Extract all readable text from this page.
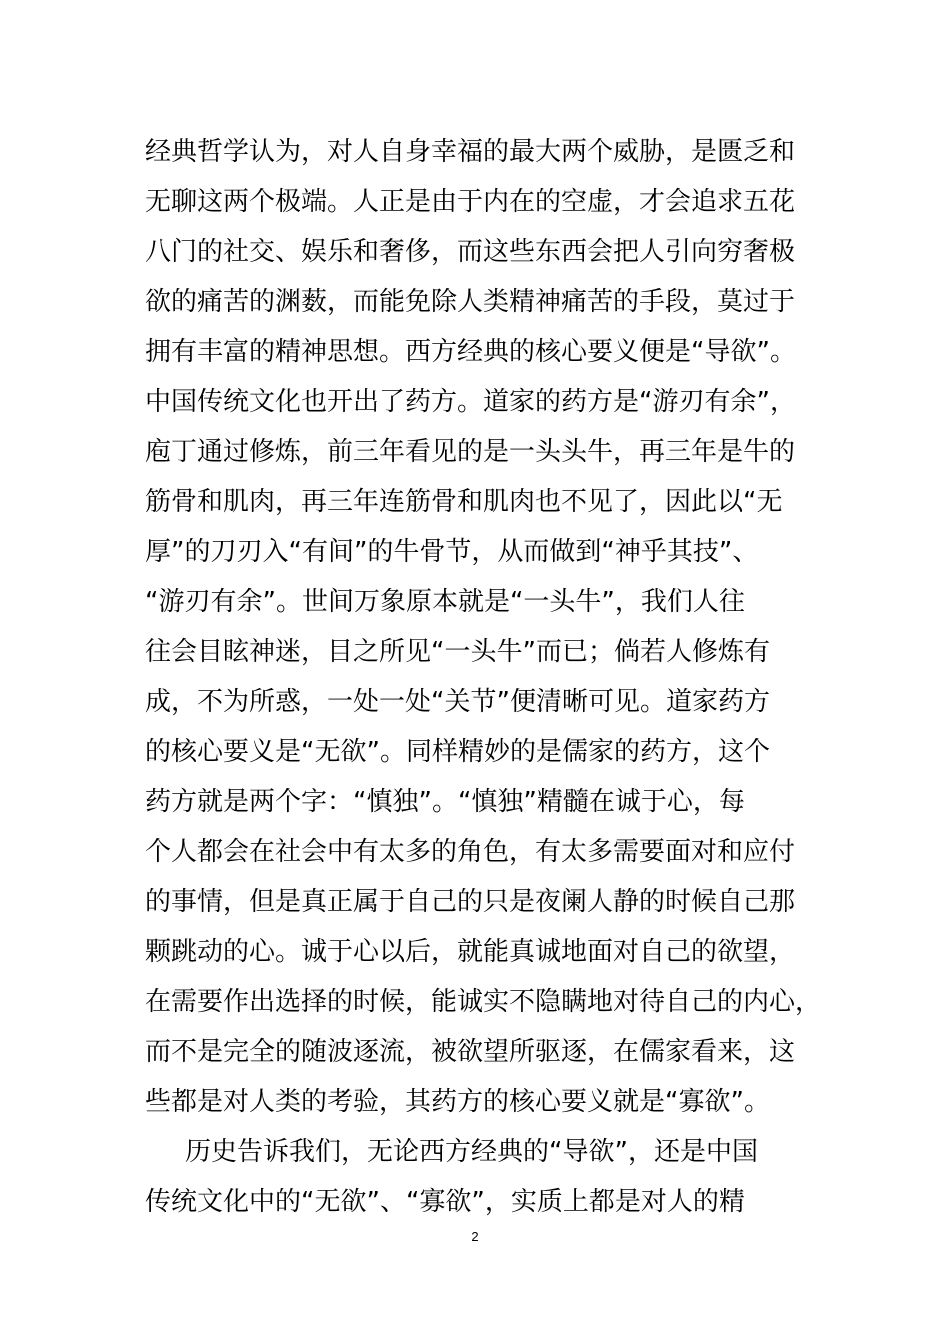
经典哲学认为，对人自身幸福的最大两个威胁，是匮乏和
无聊这两个极端。人正是由于内在的空虚，才会追求五花
八门的社交、娱乐和奢侈，而这些东西会把人引向穷奢极
欲的痛苦的渊薮，而能免除人类精神痛苦的手段，莫过于
拥有丰富的精神思想。西方经典的核心要义便是“导欲”。
中国传统文化也开出了药方。道家的药方是“游刃有余”，
庖丁通过修炼，前三年看见的是一头头牛，再三年是牛的
筋骨和肌肉，再三年连筋骨和肌肉也不见了，因此以“无
厚”的刀刃入“有间”的牛骨节，从而做到“神乎其技”、
“游刃有余”。世间万象原本就是“一头牛”，我们人往
往会目眩神迷，目之所见“一头牛”而已；倘若人修炼有
成，不为所惑，一处一处“关节”便清晰可见。道家药方
的核心要义是“无欲”。同样精妙的是儒家的药方，这个
药方就是两个字：“慎独”。“慎独”精髓在诚于心，每
个人都会在社会中有太多的角色，有太多需要面对和应付
的事情，但是真正属于自己的只是夜阑人静的时候自己那
颗跳动的心。诚于心以后，就能真诚地面对自己的欲望，
在需要作出选择的时候，能诚实不隐瞒地对待自己的内心，
而不是完全的随波逐流，被欲望所驱逐，在儒家看来，这
些都是对人类的考验，其药方的核心要义就是“寡欲”。
历史告诉我们，无论西方经典的“导欲”，还是中国
传统文化中的“无欲”、“寡欲”，实质上都是对人的精
2
